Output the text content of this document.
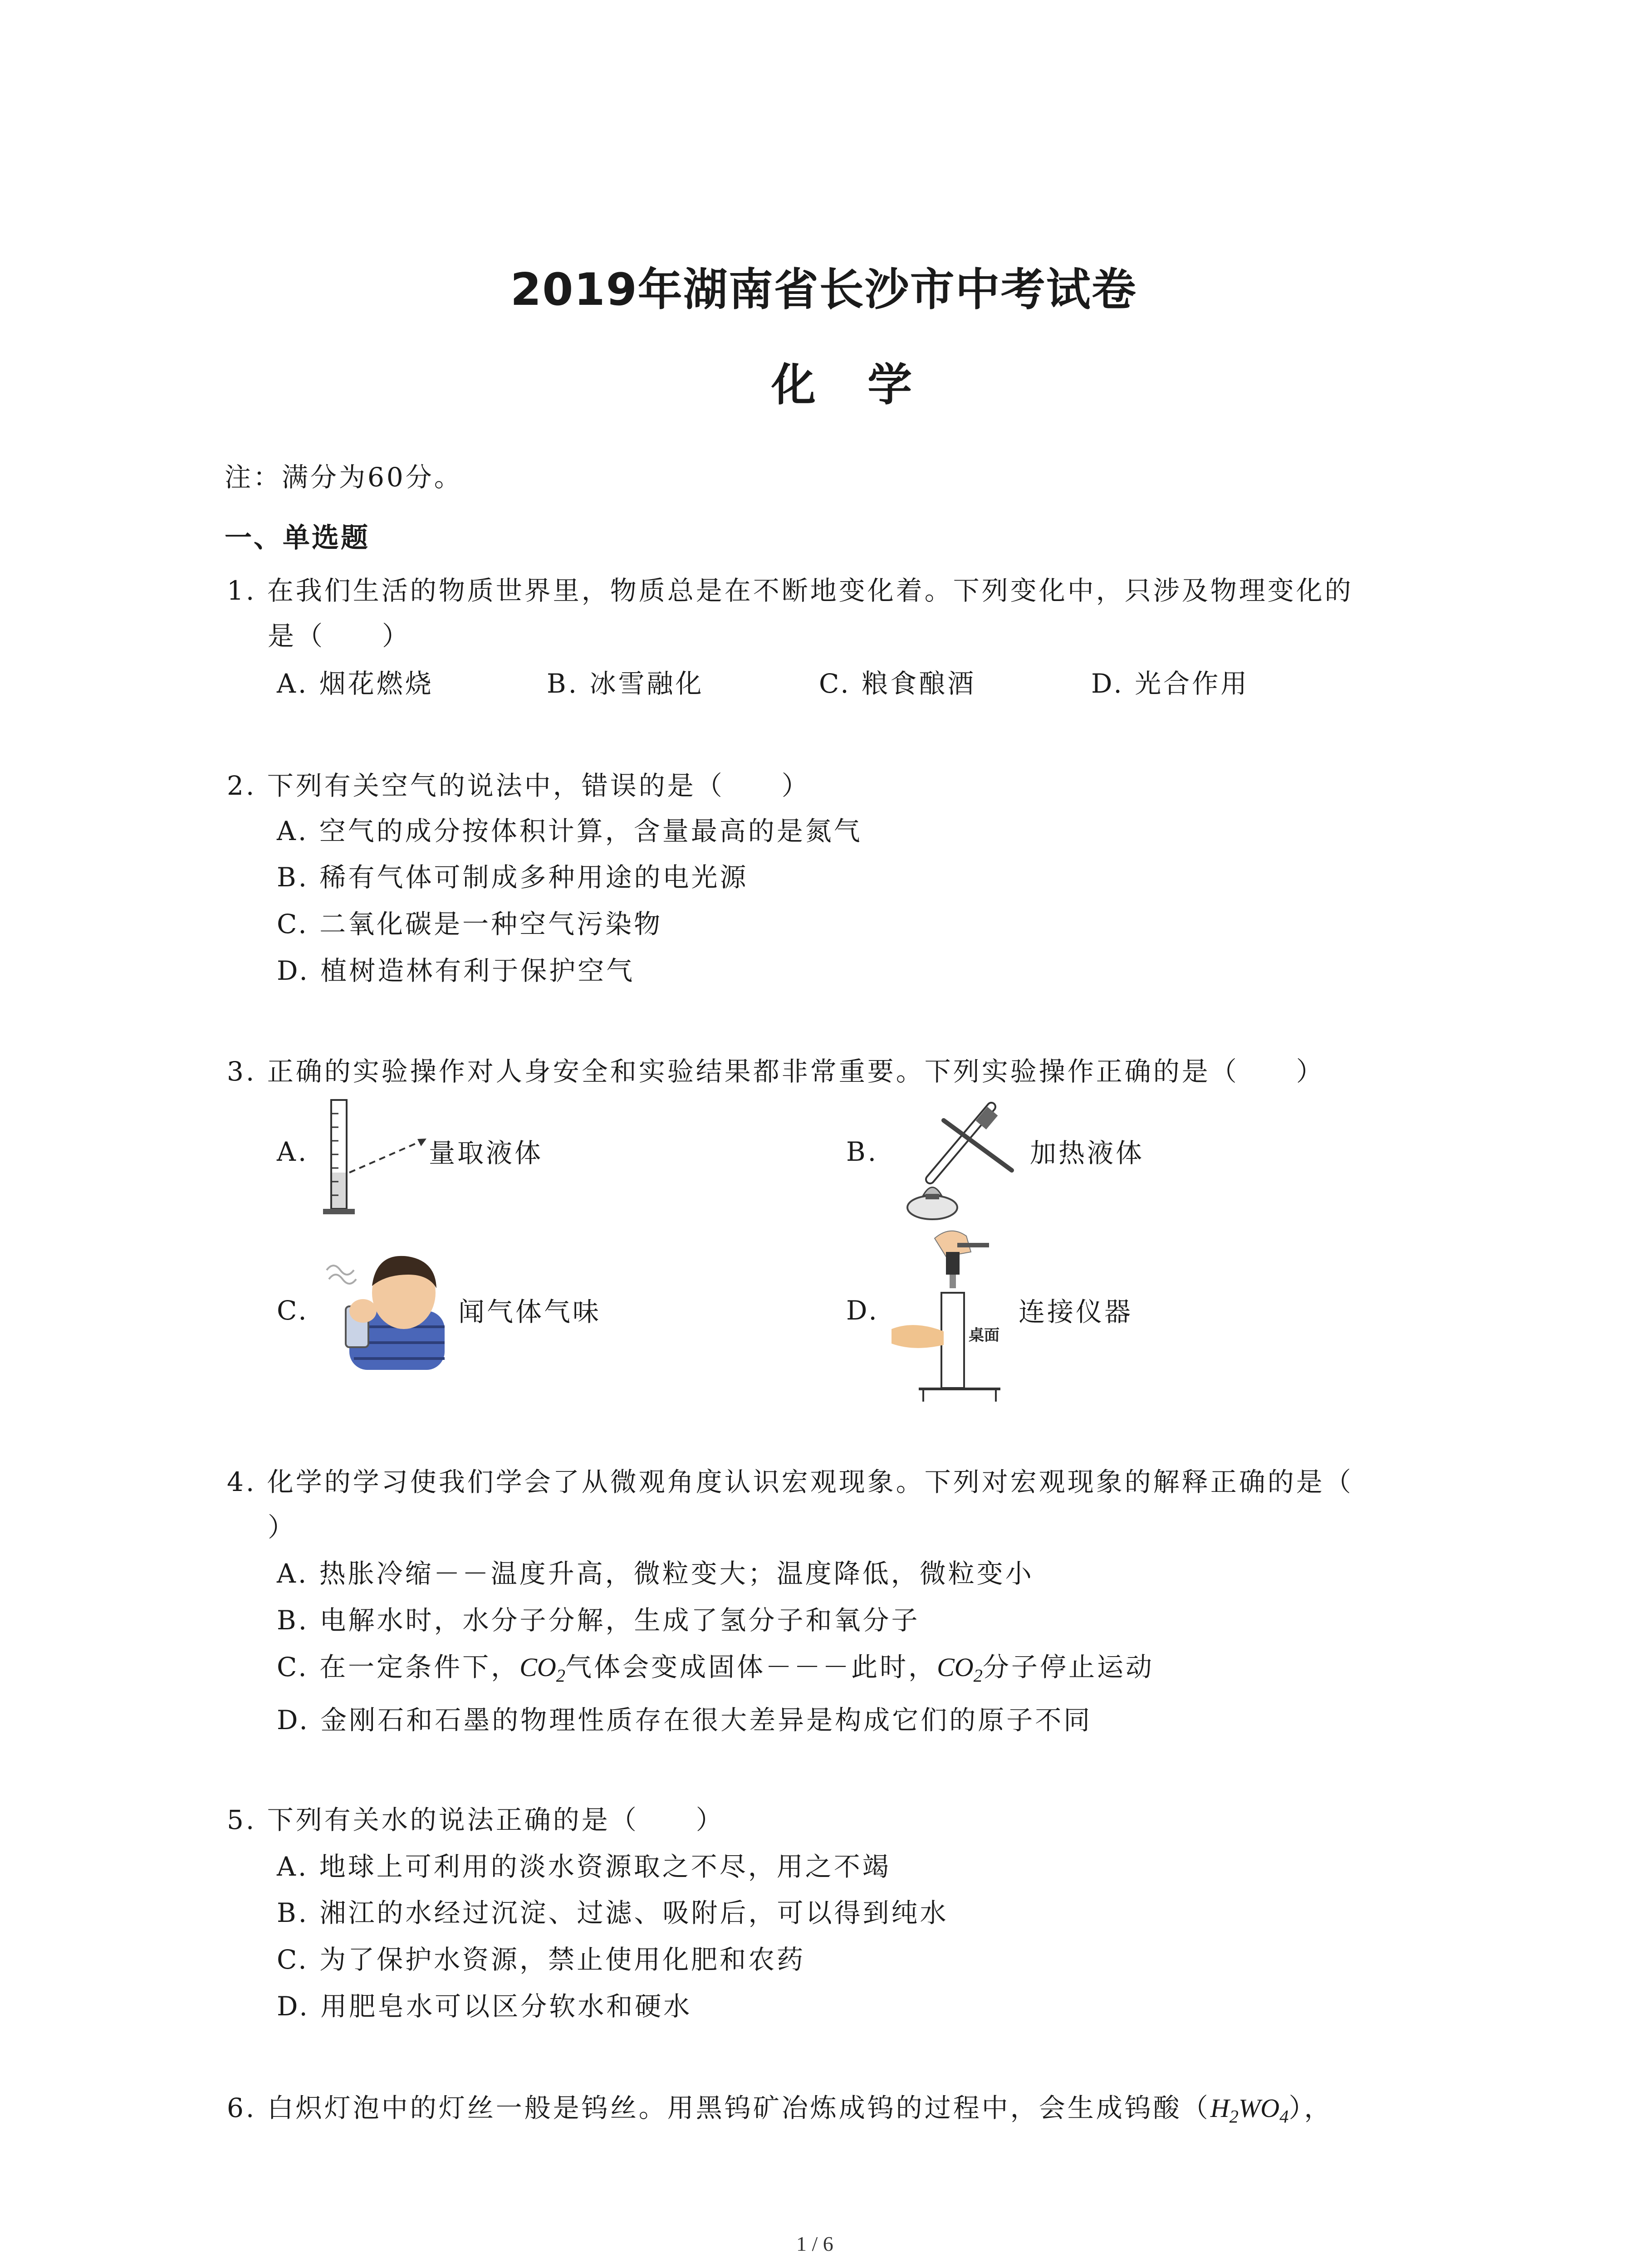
2019年湖南省长沙市中考试卷
化 学
注：满分为60分。
一、单选题
1. 在我们生活的物质世界里，物质总是在不断地变化着。下列变化中，只涉及物理变化的
是（　　）
A. 烟花燃烧	B. 冰雪融化	C. 粮食酿酒	D. 光合作用
2. 下列有关空气的说法中，错误的是（　　）
A. 空气的成分按体积计算，含量最高的是氮气
B. 稀有气体可制成多种用途的电光源
C. 二氧化碳是一种空气污染物
D. 植树造林有利于保护空气
3. 正确的实验操作对人身安全和实验结果都非常重要。下列实验操作正确的是（　　）
A.	量取液体	B.	加热液体
C.	闻气体气味	D.
桌面
连接仪器
4. 化学的学习使我们学会了从微观角度认识宏观现象。下列对宏观现象的解释正确的是（
）
A. 热胀冷缩－－温度升高，微粒变大；温度降低，微粒变小
B. 电解水时，水分子分解，生成了氢分子和氧分子
C. 在一定条件下，$CO_2$气体会变成固体－－－此时，$CO_2$分子停止运动
D. 金刚石和石墨的物理性质存在很大差异是构成它们的原子不同
5. 下列有关水的说法正确的是（　　）
A. 地球上可利用的淡水资源取之不尽，用之不竭
B. 湘江的水经过沉淀、过滤、吸附后，可以得到纯水
C. 为了保护水资源，禁止使用化肥和农药
D. 用肥皂水可以区分软水和硬水
6. 白炽灯泡中的灯丝一般是钨丝。用黑钨矿冶炼成钨的过程中，会生成钨酸$(H_2WO_4)$，
1 / 6
